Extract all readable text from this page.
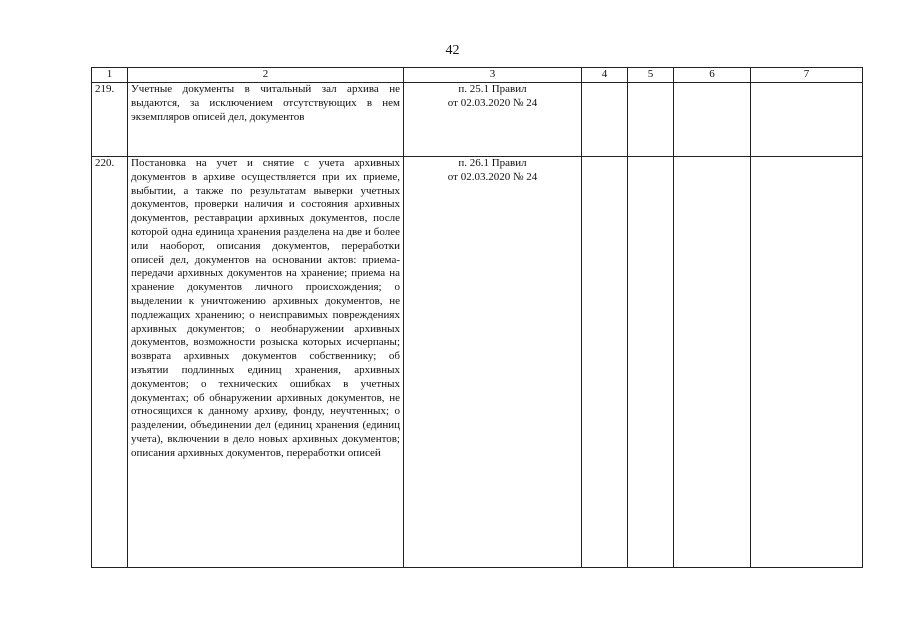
42
1	2	3	4	5	6	7
219.	Учетные документы в читальный зал архива не выдаются, за исключением отсутствующих в нем экземпляров описей дел, документов	п. 25.1 Правил
от 02.03.2020 № 24				

220.	Постановка на учет и снятие с учета архивных документов в архиве осуществляется при их приеме, выбытии, а также по результатам выверки учетных документов, проверки наличия и состояния архивных документов, реставрации архивных документов, после которой одна единица хранения разделена на две и более или наоборот, описания документов, переработки описей дел, документов на основании актов: приема-передачи архивных документов на хранение; приема на хранение документов личного происхождения; о выделении к уничтожению архивных документов, не подлежащих хранению; о неисправимых повреждениях архивных документов; о необнаружении архивных документов, возможности розыска которых исчерпаны; возврата архивных документов собственнику; об изъятии подлинных единиц хранения, архивных документов; о технических ошибках в учетных документах; об обнаружении архивных документов, не относящихся к данному архиву, фонду, неучтенных; о разделении, объединении дел (единиц хранения (единиц учета), включении в дело новых архивных документов; описания архивных документов, переработки описей	п. 26.1 Правил
от 02.03.2020 № 24				
